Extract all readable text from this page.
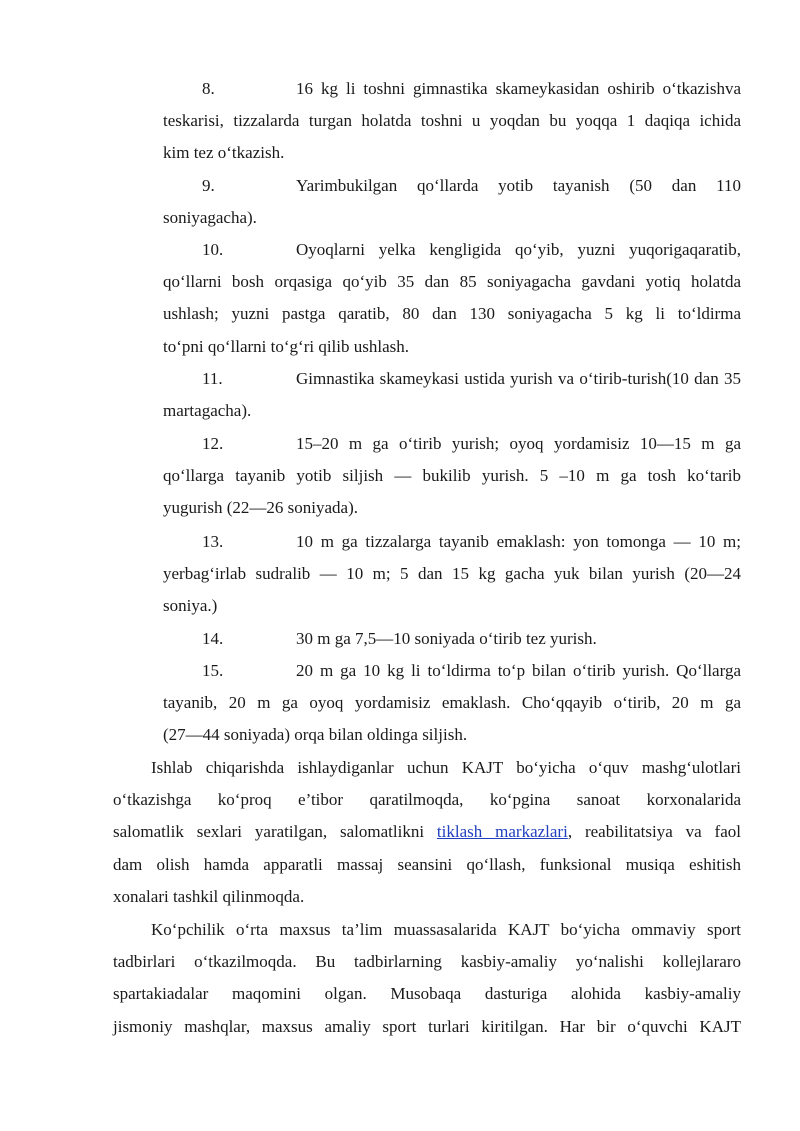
8.	16 kg li toshni gimnastika skameykasidan oshirib o‘tkazishva
teskarisi, tizzalarda turgan holatda toshni u yoqdan bu yoqqa 1 daqiqa ichida
kim tez o‘tkazish.
9.	Yarimbukilgan qo‘llarda yotib tayanish (50 dan 110
soniyagacha).
10.	Oyoqlarni yelka kengligida qo‘yib, yuzni yuqorigaqaratib,
qo‘llarni bosh orqasiga qo‘yib 35 dan 85 soniyagacha gavdani yotiq holatda
ushlash; yuzni pastga qaratib, 80 dan 130 soniyagacha 5 kg li to‘ldirma
to‘pni qo‘llarni to‘g‘ri qilib ushlash.
11.	Gimnastika skameykasi ustida yurish va o‘tirib-turish(10 dan 35
martagacha).
12.	15–20 m ga o‘tirib yurish; oyoq yordamisiz 10—15 m ga
qo‘llarga tayanib yotib siljish — bukilib yurish. 5 –10 m ga tosh ko‘tarib
yugurish (22—26 soniyada).
13.	10 m ga tizzalarga tayanib emaklash: yon tomonga — 10 m;
yerbag‘irlab sudralib — 10 m; 5 dan 15 kg gacha yuk bilan yurish (20—24
soniya.)
14.	30 m ga 7,5—10 soniyada o‘tirib tez yurish.
15.	20 m ga 10 kg li to‘ldirma to‘p bilan o‘tirib yurish. Qo‘llarga
tayanib, 20 m ga oyoq yordamisiz emaklash. Cho‘qqayib o‘tirib, 20 m ga
(27—44 soniyada) orqa bilan oldinga siljish.
Ishlab chiqarishda ishlaydiganlar uchun KAJT bo‘yicha o‘quv mashg‘ulotlari
o‘tkazishga ko‘proq e’tibor qaratilmoqda, ko‘pgina sanoat korxonalarida
salomatlik sexlari yaratilgan, salomatlikni tiklash markazlari, reabilitatsiya va faol
dam olish hamda apparatli massaj seansini qo‘llash, funksional musiqa eshitish
xonalari tashkil qilinmoqda.
Ko‘pchilik o‘rta maxsus ta’lim muassasalarida KAJT bo‘yicha ommaviy sport
tadbirlari o‘tkazilmoqda. Bu tadbirlarning kasbiy-amaliy yo‘nalishi kollejlararo
spartakiadalar maqomini olgan. Musobaqa dasturiga alohida kasbiy-amaliy
jismoniy mashqlar, maxsus amaliy sport turlari kiritilgan. Har bir o‘quvchi KAJT
